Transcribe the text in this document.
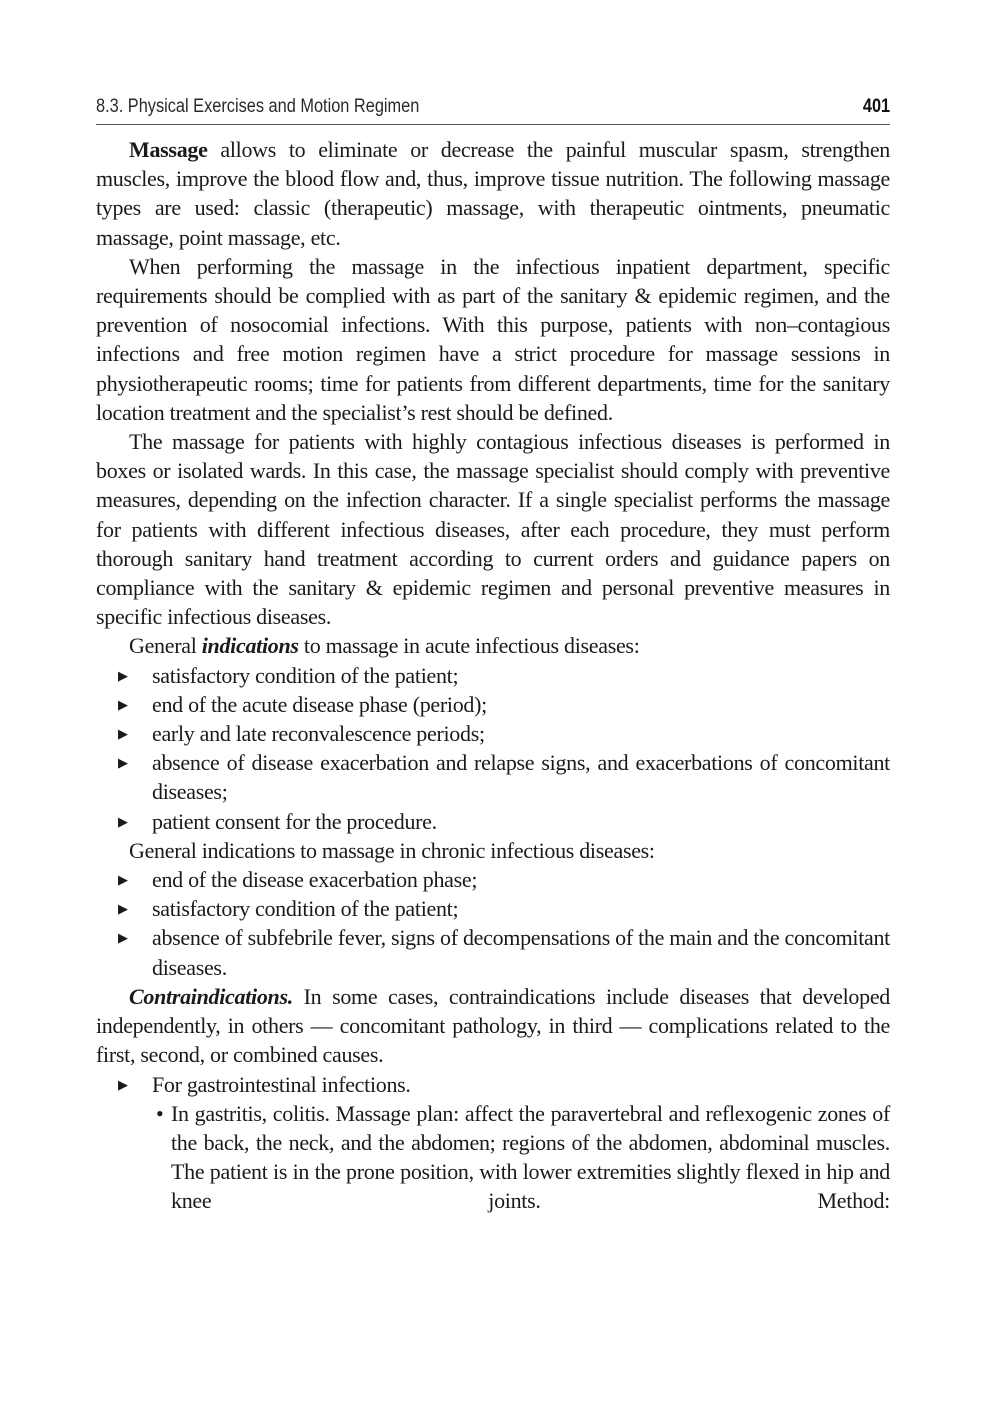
8.3. Physical Exercises and Motion Regimen	401

Massage allows to eliminate or decrease the painful muscular spasm, strengthen muscles, improve the blood flow and, thus, improve tissue nutrition. The following massage types are used: classic (therapeutic) massage, with therapeutic ointments, pneumatic massage, point massage, etc.

When performing the massage in the infectious inpatient department, specific requirements should be complied with as part of the sanitary & epidemic regimen, and the prevention of nosocomial infections. With this purpose, patients with non–contagious infections and free motion regimen have a strict procedure for massage sessions in physiotherapeutic rooms; time for patients from different departments, time for the sanitary location treatment and the specialist’s rest should be defined.

The massage for patients with highly contagious infectious diseases is performed in boxes or isolated wards. In this case, the massage specialist should comply with preventive measures, depending on the infection character. If a single specialist performs the massage for patients with different infectious diseases, after each procedure, they must perform thorough sanitary hand treatment according to current orders and guidance papers on compliance with the sanitary & epidemic regimen and personal preventive measures in specific infectious diseases.

General indications to massage in acute infectious diseases:

▶ satisfactory condition of the patient;
▶ end of the acute disease phase (period);
▶ early and late reconvalescence periods;
▶ absence of disease exacerbation and relapse signs, and exacerbations of concomitant diseases;
▶ patient consent for the procedure.

General indications to massage in chronic infectious diseases:

▶ end of the disease exacerbation phase;
▶ satisfactory condition of the patient;
▶ absence of subfebrile fever, signs of decompensations of the main and the concomitant diseases.

Contraindications. In some cases, contraindications include diseases that developed independently, in others — concomitant pathology, in third — complications related to the first, second, or combined causes.

▶ For gastrointestinal infections.
• In gastritis, colitis. Massage plan: affect the paravertebral and reflexogenic zones of the back, the neck, and the abdomen; regions of the abdomen, abdominal muscles. The patient is in the prone position, with lower extremities slightly flexed in hip and knee joints. Method:
